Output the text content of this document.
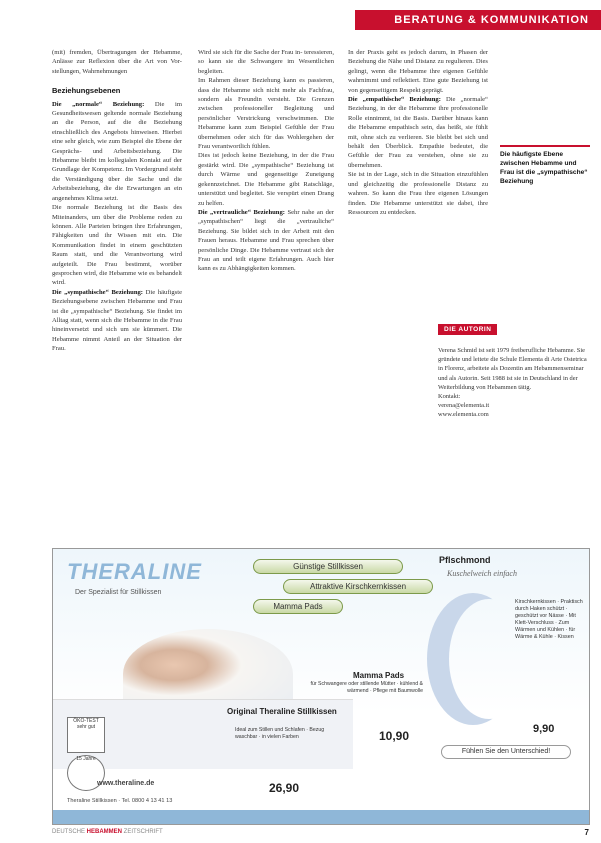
BERATUNG & KOMMUNIKATION

(mit) fremden, Übertragungen der Hebamme, Anlässe zur Reflexion über die Art von Vor- stellungen, Wahrnehmungen

Beziehungsebenen

Die „normale“ Beziehung: Die im Gesundheitswesen geltende normale Beziehung an die Person, auf die die Beziehung einschließlich des Angebots hinweisen. Hierbei eine sehr gleich, wie zum Beispiel die Ebene der Gesprächs- und Arbeitsbeziehung. Die Hebamme bleibt im kollegialen Kontakt auf der Grundlage der Kompetenz. Im Vordergrund steht die Verständigung über die Sache und die Arbeitsbeziehung, die die Erwartungen an ein angenehmes Klima setzt.

Die normale Beziehung ist die Basis des Miteinanders, um über die Probleme reden zu können. Alle Parteien bringen ihre Erfahrungen, Fähigkeiten und ihr Wissen mit ein. Die Kommunikation findet in einem geschützten Raum statt, und die Verantwortung wird aufgeteilt. Die Frau bestimmt, worüber gesprochen wird, die Hebamme wie es behandelt wird.

Die „sympathische“ Beziehung: Die häufigste Beziehungsebene zwischen Hebamme und Frau ist die „sympathische“ Beziehung. Sie findet im Alltag statt, wenn sich die Hebamme in die Frau hineinversetzt und sich um sie kümmert. Die Hebamme nimmt Anteil an der Situation der Frau.

Wird sie sich für die Sache der Frau in- teressieren, so kann sie die Schwangere im Wesentlichen begleiten.

Im Rahmen dieser Beziehung kann es passieren, dass die Hebamme sich nicht mehr als Fachfrau, sondern als Freundin versteht. Die Grenzen zwischen professioneller Begleitung und persönlicher Verstrickung verschwimmen. Die Hebamme kann zum Beispiel Gefühle der Frau übernehmen oder sich für das Wohlergehen der Frau verantwortlich fühlen.

Dies ist jedoch keine Beziehung, in der die Frau gestärkt wird. Die „sympathische“ Beziehung ist durch Wärme und gegenseitige Zuneigung gekennzeichnet. Die Hebamme gibt Ratschläge, unterstützt und begleitet. Sie verspürt einen Drang zu helfen.

Die „vertrauliche“ Beziehung: Sehr nahe an der „sympathischen“ liegt die „vertrauliche“ Beziehung. Sie bildet sich in der Arbeit mit den Frauen heraus. Hebamme und Frau sprechen über persönliche Dinge. Die Hebamme vertraut sich der Frau an und teilt eigene Erfahrungen. Auch hier kann es zu Abhängigkeiten kommen.

In der Praxis geht es jedoch darum, in Phasen der Beziehung die Nähe und Distanz zu regulieren. Dies gelingt, wenn die Hebamme ihre eigenen Gefühle wahrnimmt und reflektiert. Eine gute Beziehung ist von gegenseitigem Respekt geprägt.

Die „empathische“ Beziehung: Die „normale“ Beziehung, in der die Hebamme ihre professionelle Rolle einnimmt, ist die Basis. Darüber hinaus kann die Hebamme empathisch sein, das heißt, sie fühlt mit, ohne sich zu verlieren. Sie bleibt bei sich und behält den Überblick. Empathie bedeutet, die Gefühle der Frau zu verstehen, ohne sie zu übernehmen.

Sie ist in der Lage, sich in die Situation einzufühlen und gleichzeitig die professionelle Distanz zu wahren. So kann die Frau ihre eigenen Lösungen finden. Die Hebamme unterstützt sie dabei, ihre Ressourcen zu entdecken.

Die häufigste Ebene zwischen Hebamme und Frau ist die „sympathische“ Beziehung
DIE AUTORIN
Verena Schmid ist seit 1979 freiberufliche Hebamme. Sie gründete und leitete die Schule Elementa di Arte Ostetrica in Florenz, arbeitete als Dozentin am Hebammenseminar und als Autorin. Seit 1988 ist sie in Deutschland in der Weiterbildung von Hebammen tätig.
Kontakt:
verena@elementa.it
www.elementa.com
THERALINE
Der Spezialist für Stillkissen
Günstige Stillkissen
Attraktive Kirschkernkissen
Mamma Pads
Pflschmond
Kuschelweich einfach
Kirschkernkissen · Praktisch durch Haken schützt · geschützt vor Nässe · Mit Klett-Verschluss · Zum Wärmen und Kühlen · für Wärme & Kühle · Kissen
9,90
Mamma Pads
für Schwangere oder stillende Mütter · kühlend & wärmend · Pflege mit Baumwolle
10,90
Original Theraline Stillkissen
Ideal zum Stillen und Schlafen · Bezug waschbar · in vielen Farben
26,90
ÖKO-TEST sehr gut
15 Jahre
Fühlen Sie den Unterschied!
www.theraline.de
Theraline Stillkissen · Tel. 0800 4 13 41 13
DEUTSCHE HEBAMMEN ZEITSCHRIFT	7
